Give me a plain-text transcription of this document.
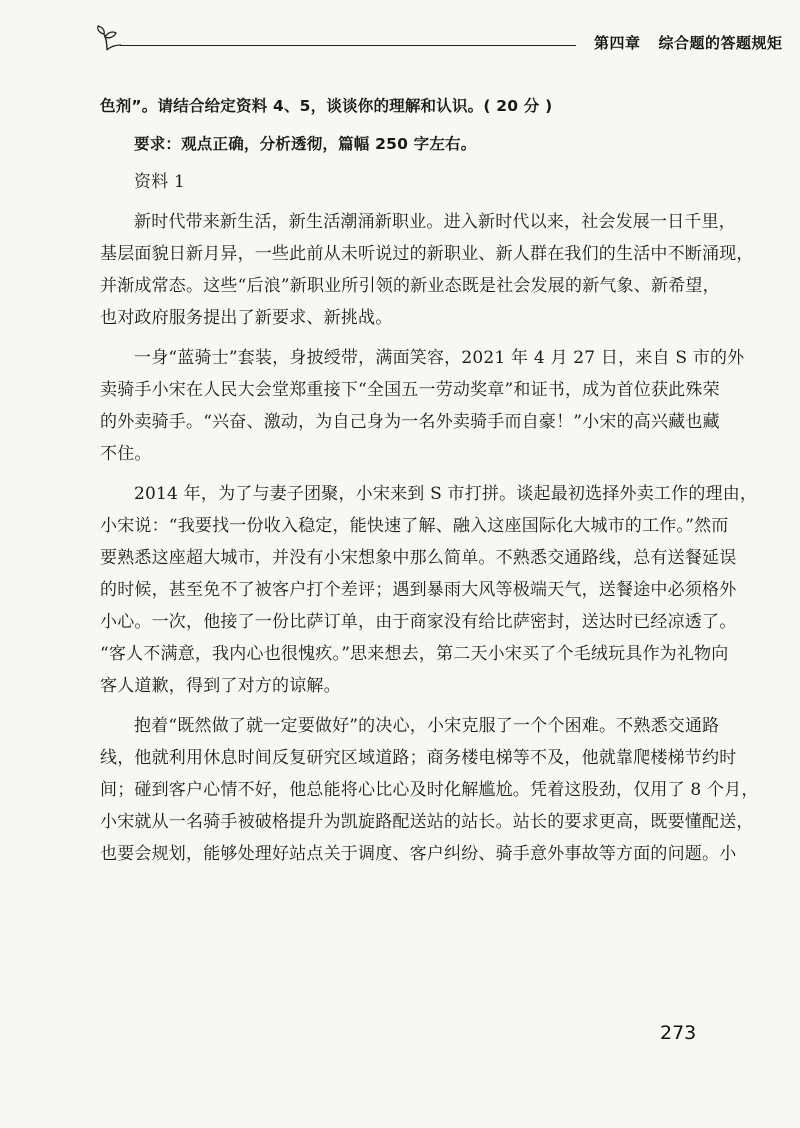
第四章 综合题的答题规矩
色剂”。请结合给定资料 4、5，谈谈你的理解和认识。( 20 分 )
要求：观点正确，分析透彻，篇幅 250 字左右。
资料 1
新时代带来新生活，新生活潮涌新职业。进入新时代以来，社会发展一日千里，
基层面貌日新月异，一些此前从未听说过的新职业、新人群在我们的生活中不断涌现，
并渐成常态。这些“后浪”新职业所引领的新业态既是社会发展的新气象、新希望，
也对政府服务提出了新要求、新挑战。
一身“蓝骑士”套装，身披绶带，满面笑容，2021 年 4 月 27 日，来自 S 市的外
卖骑手小宋在人民大会堂郑重接下“全国五一劳动奖章”和证书，成为首位获此殊荣
的外卖骑手。“兴奋、激动，为自己身为一名外卖骑手而自豪！”小宋的高兴藏也藏
不住。
2014 年，为了与妻子团聚，小宋来到 S 市打拼。谈起最初选择外卖工作的理由，
小宋说：“我要找一份收入稳定，能快速了解、融入这座国际化大城市的工作。”然而
要熟悉这座超大城市，并没有小宋想象中那么简单。不熟悉交通路线，总有送餐延误
的时候，甚至免不了被客户打个差评；遇到暴雨大风等极端天气，送餐途中必须格外
小心。一次，他接了一份比萨订单，由于商家没有给比萨密封，送达时已经凉透了。
“客人不满意，我内心也很愧疚。”思来想去，第二天小宋买了个毛绒玩具作为礼物向
客人道歉，得到了对方的谅解。
抱着“既然做了就一定要做好”的决心，小宋克服了一个个困难。不熟悉交通路
线，他就利用休息时间反复研究区域道路；商务楼电梯等不及，他就靠爬楼梯节约时
间；碰到客户心情不好，他总能将心比心及时化解尴尬。凭着这股劲，仅用了 8 个月，
小宋就从一名骑手被破格提升为凯旋路配送站的站长。站长的要求更高，既要懂配送，
也要会规划，能够处理好站点关于调度、客户纠纷、骑手意外事故等方面的问题。小
273
